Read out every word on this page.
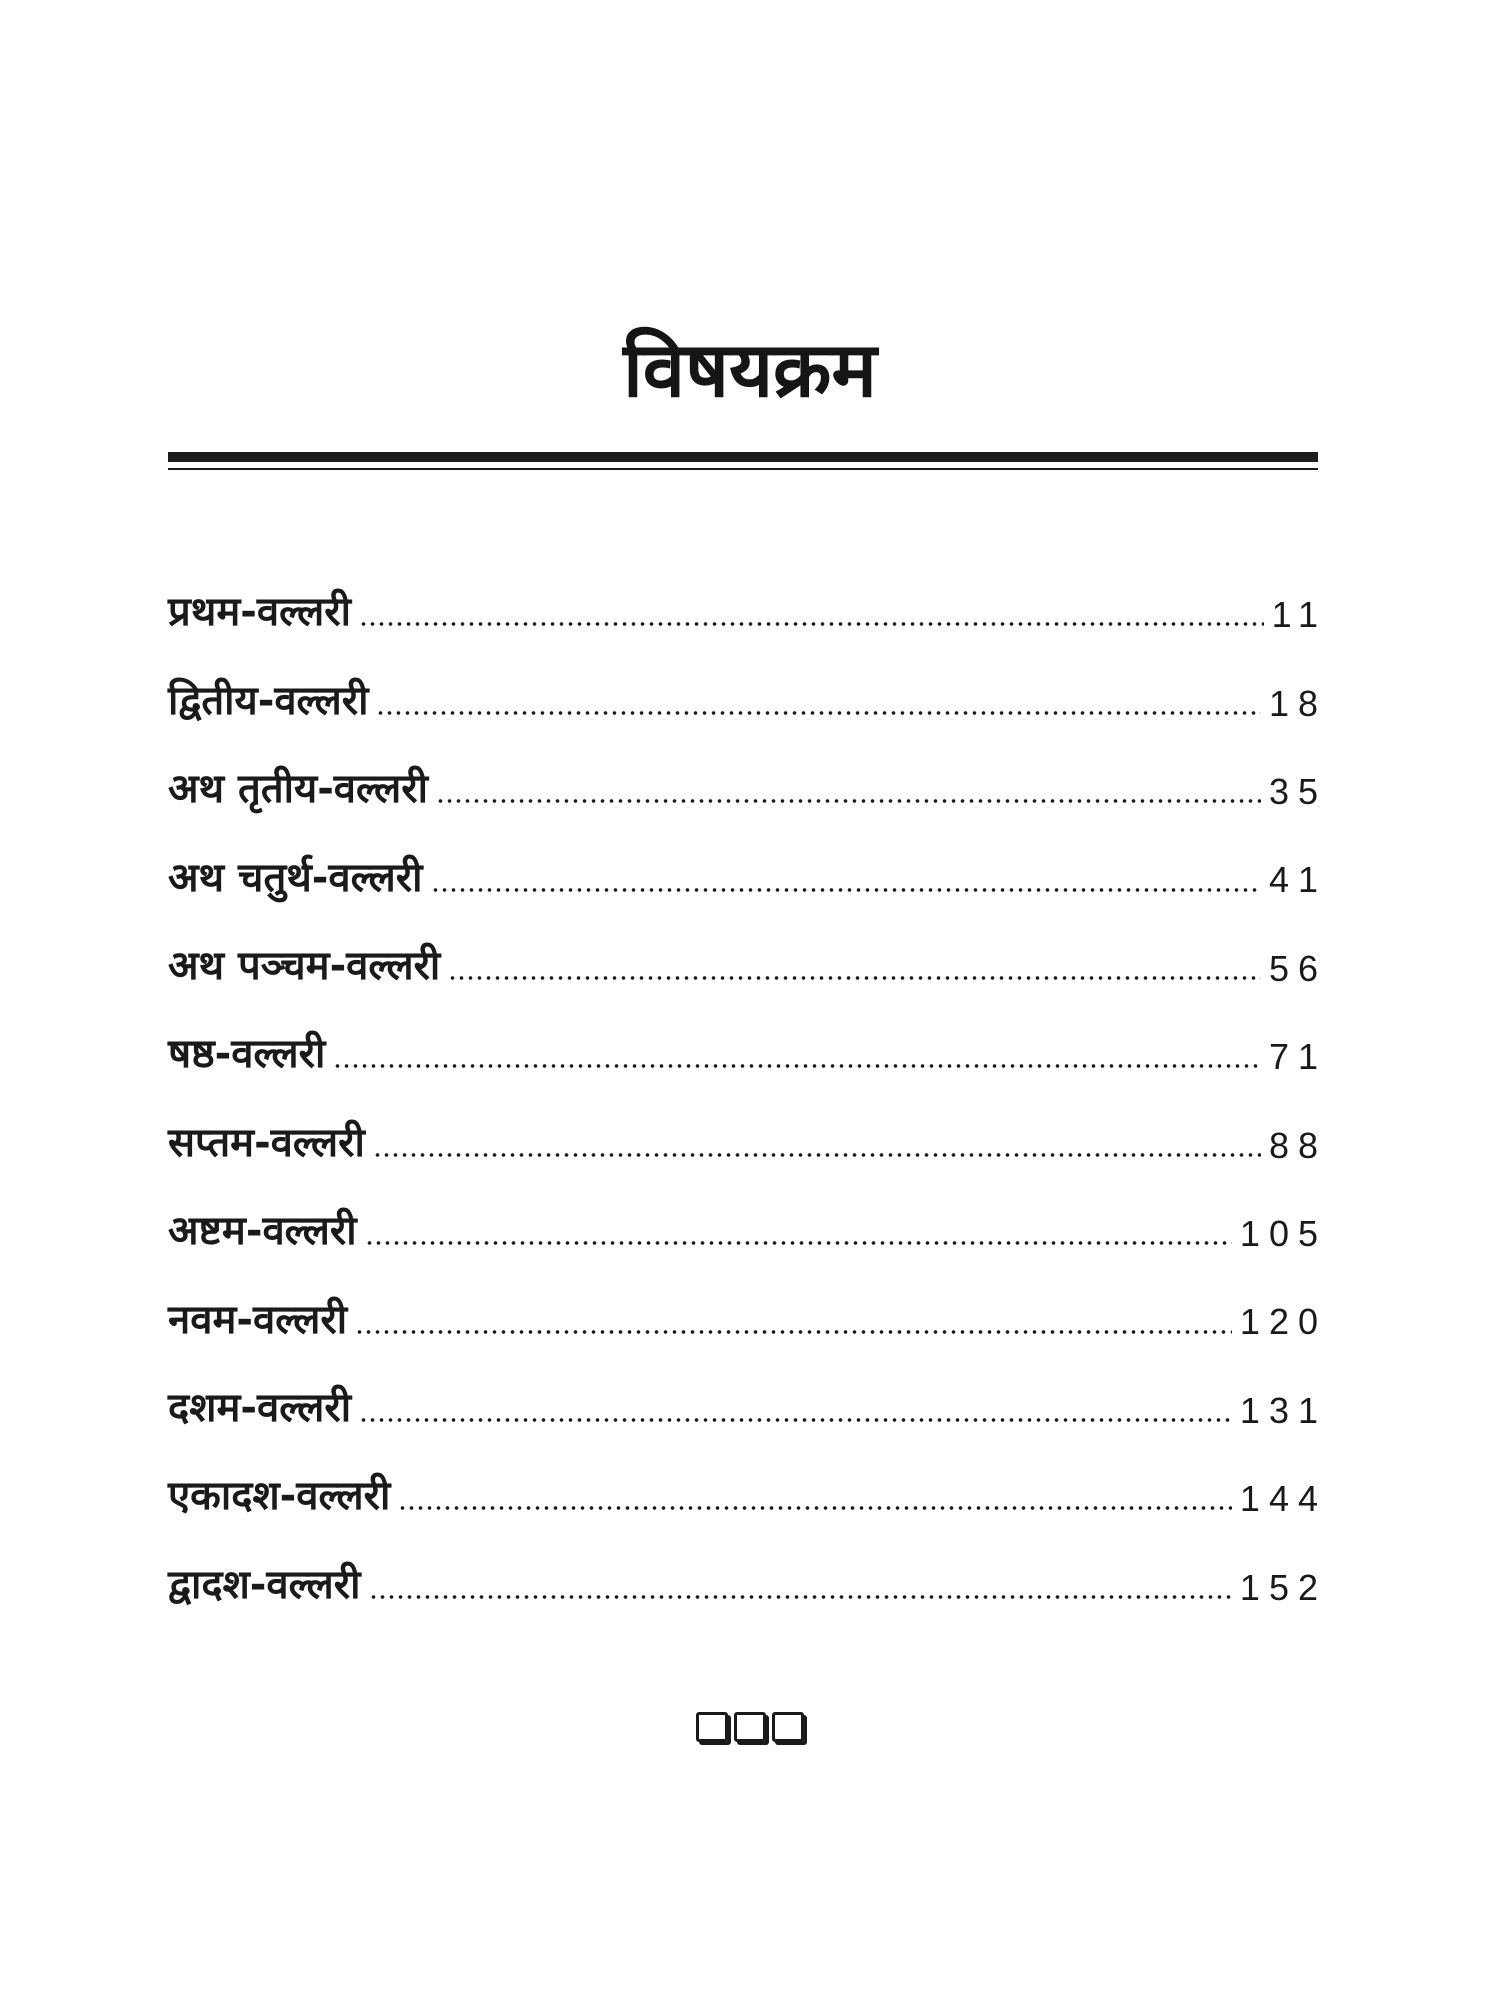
विषयक्रम
प्रथम-वल्लरी	11
द्वितीय-वल्लरी	18
अथ तृतीय-वल्लरी	35
अथ चतुर्थ-वल्लरी	41
अथ पञ्चम-वल्लरी	56
षष्ठ-वल्लरी	71
सप्तम-वल्लरी	88
अष्टम-वल्लरी	105
नवम-वल्लरी	120
दशम-वल्लरी	131
एकादश-वल्लरी	144
द्वादश-वल्लरी	152
